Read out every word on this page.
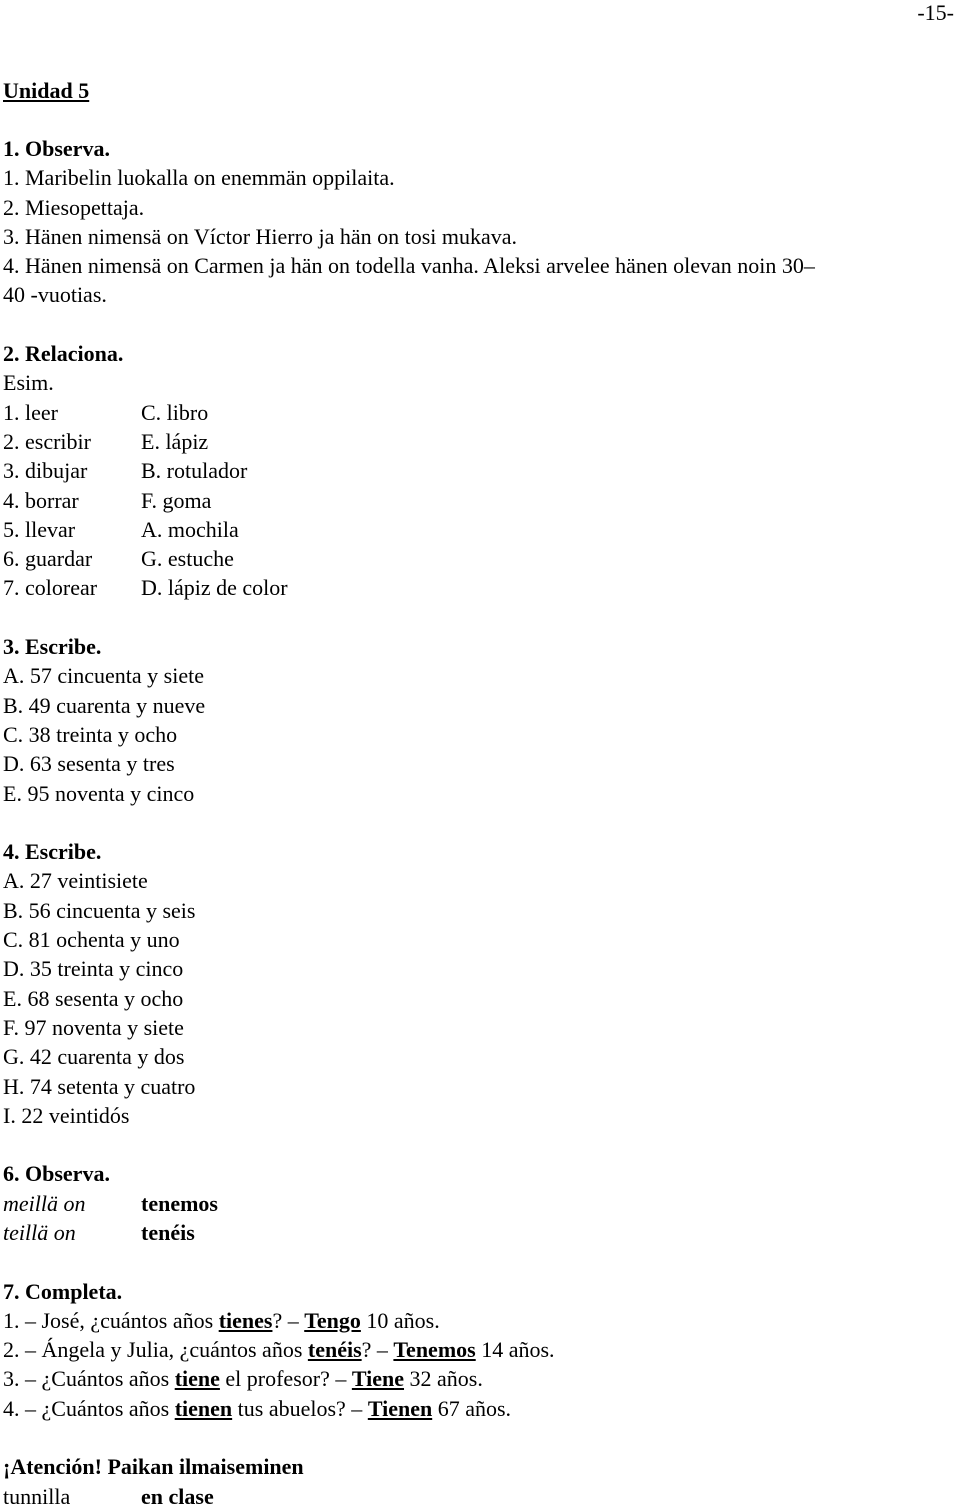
-15-
Unidad 5
1. Observa.

1. Maribelin luokalla on enemmän oppilaita.

2. Miesopettaja.

3. Hänen nimensä on Víctor Hierro ja hän on tosi mukava.

4. Hänen nimensä on Carmen ja hän on todella vanha. Aleksi arvelee hänen olevan noin 30–

40 -vuotias.

2. Relaciona.

Esim.

1. leer	C. libro
2. escribir	E. lápiz
3. dibujar	B. rotulador
4. borrar	F. goma
5. llevar	A. mochila
6. guardar	G. estuche
7. colorear	D. lápiz de color
3. Escribe.

A. 57 cincuenta y siete

B. 49 cuarenta y nueve

C. 38 treinta y ocho

D. 63 sesenta y tres

E. 95 noventa y cinco

4. Escribe.

A. 27 veintisiete

B. 56 cincuenta y seis

C. 81 ochenta y uno

D. 35 treinta y cinco

E. 68 sesenta y ocho

F. 97 noventa y siete

G. 42 cuarenta y dos

H. 74 setenta y cuatro

I. 22 veintidós

6. Observa.
meillä on	tenemos
teillä on	tenéis
7. Completa.

1. – José, ¿cuántos años tienes? – Tengo 10 años.

2. – Ángela y Julia, ¿cuántos años tenéis? – Tenemos 14 años.

3. – ¿Cuántos años tiene el profesor? – Tiene 32 años.

4. – ¿Cuántos años tienen tus abuelos? – Tienen 67 años.

¡Atención! Paikan ilmaiseminen
tunnilla	en clase
